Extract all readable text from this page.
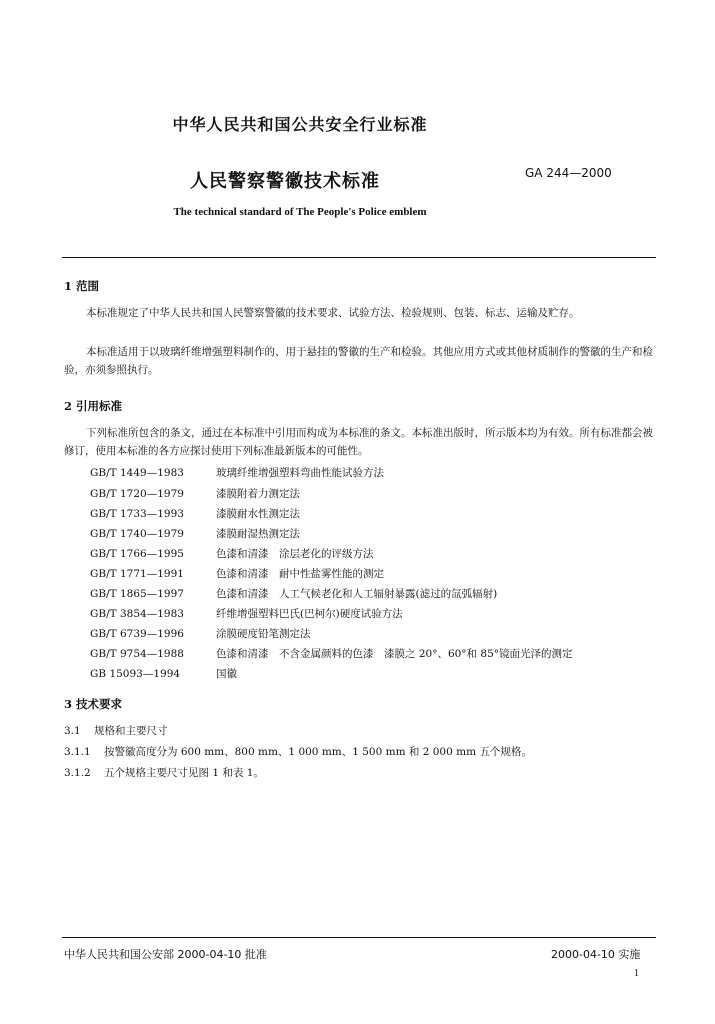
中华人民共和国公共安全行业标准
人民警察警徽技术标准	GA 244—2000
The technical standard of The People's Police emblem
1 范围
本标准规定了中华人民共和国人民警察警徽的技术要求、试验方法、检验规则、包装、标志、运输及贮存。
本标准适用于以玻璃纤维增强塑料制作的、用于悬挂的警徽的生产和检验。其他应用方式或其他材质制作的警徽的生产和检验，亦须参照执行。
2 引用标准
下列标准所包含的条文，通过在本标准中引用而构成为本标准的条文。本标准出版时，所示版本均为有效。所有标准都会被修订，使用本标准的各方应探讨使用下列标准最新版本的可能性。
GB/T 1449—1983	玻璃纤维增强塑料弯曲性能试验方法
GB/T 1720—1979	漆膜附着力测定法
GB/T 1733—1993	漆膜耐水性测定法
GB/T 1740—1979	漆膜耐湿热测定法
GB/T 1766—1995	色漆和清漆　涂层老化的评级方法
GB/T 1771—1991	色漆和清漆　耐中性盐雾性能的测定
GB/T 1865—1997	色漆和清漆　人工气候老化和人工辐射暴露(滤过的氙弧辐射)
GB/T 3854—1983	纤维增强塑料巴氏(巴柯尔)硬度试验方法
GB/T 6739—1996	涂膜硬度铅笔测定法
GB/T 9754—1988	色漆和清漆　不含金属颜料的色漆　漆膜之 20°、60°和 85°镜面光泽的测定
GB 15093—1994	国徽
3 技术要求
3.1 规格和主要尺寸
3.1.1 按警徽高度分为 600 mm、800 mm、1 000 mm、1 500 mm 和 2 000 mm 五个规格。
3.1.2 五个规格主要尺寸见图 1 和表 1。
中华人民共和国公安部 2000-04-10 批准	2000-04-10 实施
1
